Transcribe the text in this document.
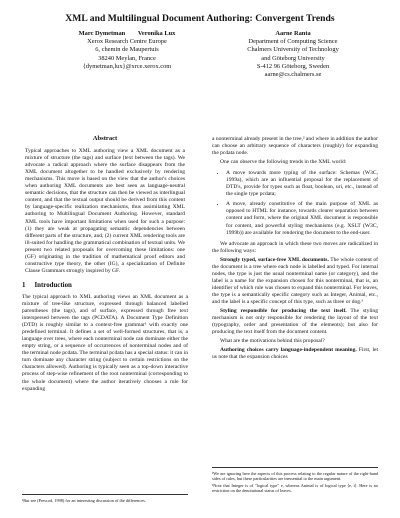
XML and Multilingual Document Authoring: Convergent Trends
Marc Dymetman        Veronika Lux
Xerox Research Centre Europe
6, chemin de Maupertuis
38240 Meylan, France
{dymetman,lux}@xrce.xerox.com
Aarne Ranta
Department of Computing Science
Chalmers University of Technology
and Göteborg University
S-412 96 Göteborg, Sweden
aarne@cs.chalmers.se
Abstract

Typical approaches to XML authoring view a XML document as a mixture of structure (the tags) and surface (text between the tags). We advocate a radical approach where the surface disappears from the XML document altogether to be handled exclusively by rendering mechanisms. This move is based on the view that the author's choices when authoring XML documents are best seen as language-neutral semantic decisions, that the structure can then be viewed as interlingual content, and that the textual output should be derived from this content by language-specific realization mechanisms, thus assimilating XML authoring to Multilingual Document Authoring. However, standard XML tools have important limitations when used for such a purpose: (1) they are weak at propagating semantic dependencies between different parts of the structure, and, (2) current XML rendering tools are ill-suited for handling the grammatical combination of textual units. We present two related proposals for overcoming these limitations: one (GF) originating in the tradition of mathematical proof editors and constructive type theory, the other (IG), a specialization of Definite Clause Grammars strongly inspired by GF.

1 Introduction

The typical approach to XML authoring views an XML document as a mixture of tree-like structure, expressed through balanced labelled parentheses (the tags), and of surface, expressed through free text interspersed between the tags (PCDATA). A Document Type Definition (DTD) is roughly similar to a context-free grammar¹ with exactly one predefined terminal. It defines a set of well-formed structures, that is, a language over trees, where each nonterminal node can dominate either the empty string, or a sequence of occurrences of nonterminal nodes and of the terminal node pcdata. The terminal pcdata has a special status: it can in turn dominate any character string (subject to certain restrictions on the characters allowed). Authoring is typically seen as a top-down interactive process of step-wise refinement of the root nonterminal (corresponding to the whole document) where the author iteratively chooses a rule for expanding

a nonterminal already present in the tree,² and where in addition the author can choose an arbitrary sequence of characters (roughly) for expanding the pcdata node.

One can observe the following trends in the XML world:

• A move towards more typing of the surface: Schemas (W3C, 1999a), which are an influential proposal for the replacement of DTD's, provide for types such as float, boolean, uri, etc., instead of the single type pcdata;
• A move, already constitutive of the main purpose of XML as opposed to HTML for instance, towards clearer separation between content and form, where the original XML document is responsible for content, and powerful styling mechanisms (e.g. XSLT (W3C, 1999b)) are available for rendering the document to the end-user.

We advocate an approach in which these two moves are radicalized in the following ways:

Strongly typed, surface-free XML documents. The whole content of the document is a tree where each node is labelled and typed. For internal nodes, the type is just the usual nonterminal name (or category), and the label is a name for the expansion chosen for this nonterminal, that is, an identifier of which rule was chosen to expand this nonterminal. For leaves, the type is a semantically specific category such as Integer, Animal, etc., and the label is a specific concept of this type, such as three or dog.³

Styling responsible for producing the text itself. The styling mechanism is not only responsible for rendering the layout of the text (typography, order and presentation of the elements); but also for producing the text itself from the document content.

What are the motivations behind this proposal?

Authoring choices carry language-independent meaning. First, let us note that the expansion choices

¹But see (Prescod, 1998) for an interesting discussion of the differences.

²We are ignoring here the aspects of this process relating to the regular nature of the right-hand sides of rules, but these particularities are inessential to the main argument.

³Note that Integer is of "logical type" e, whereas Animal is of logical type ⟨e, t⟩. Here is no restriction on the denotational status of leaves.
